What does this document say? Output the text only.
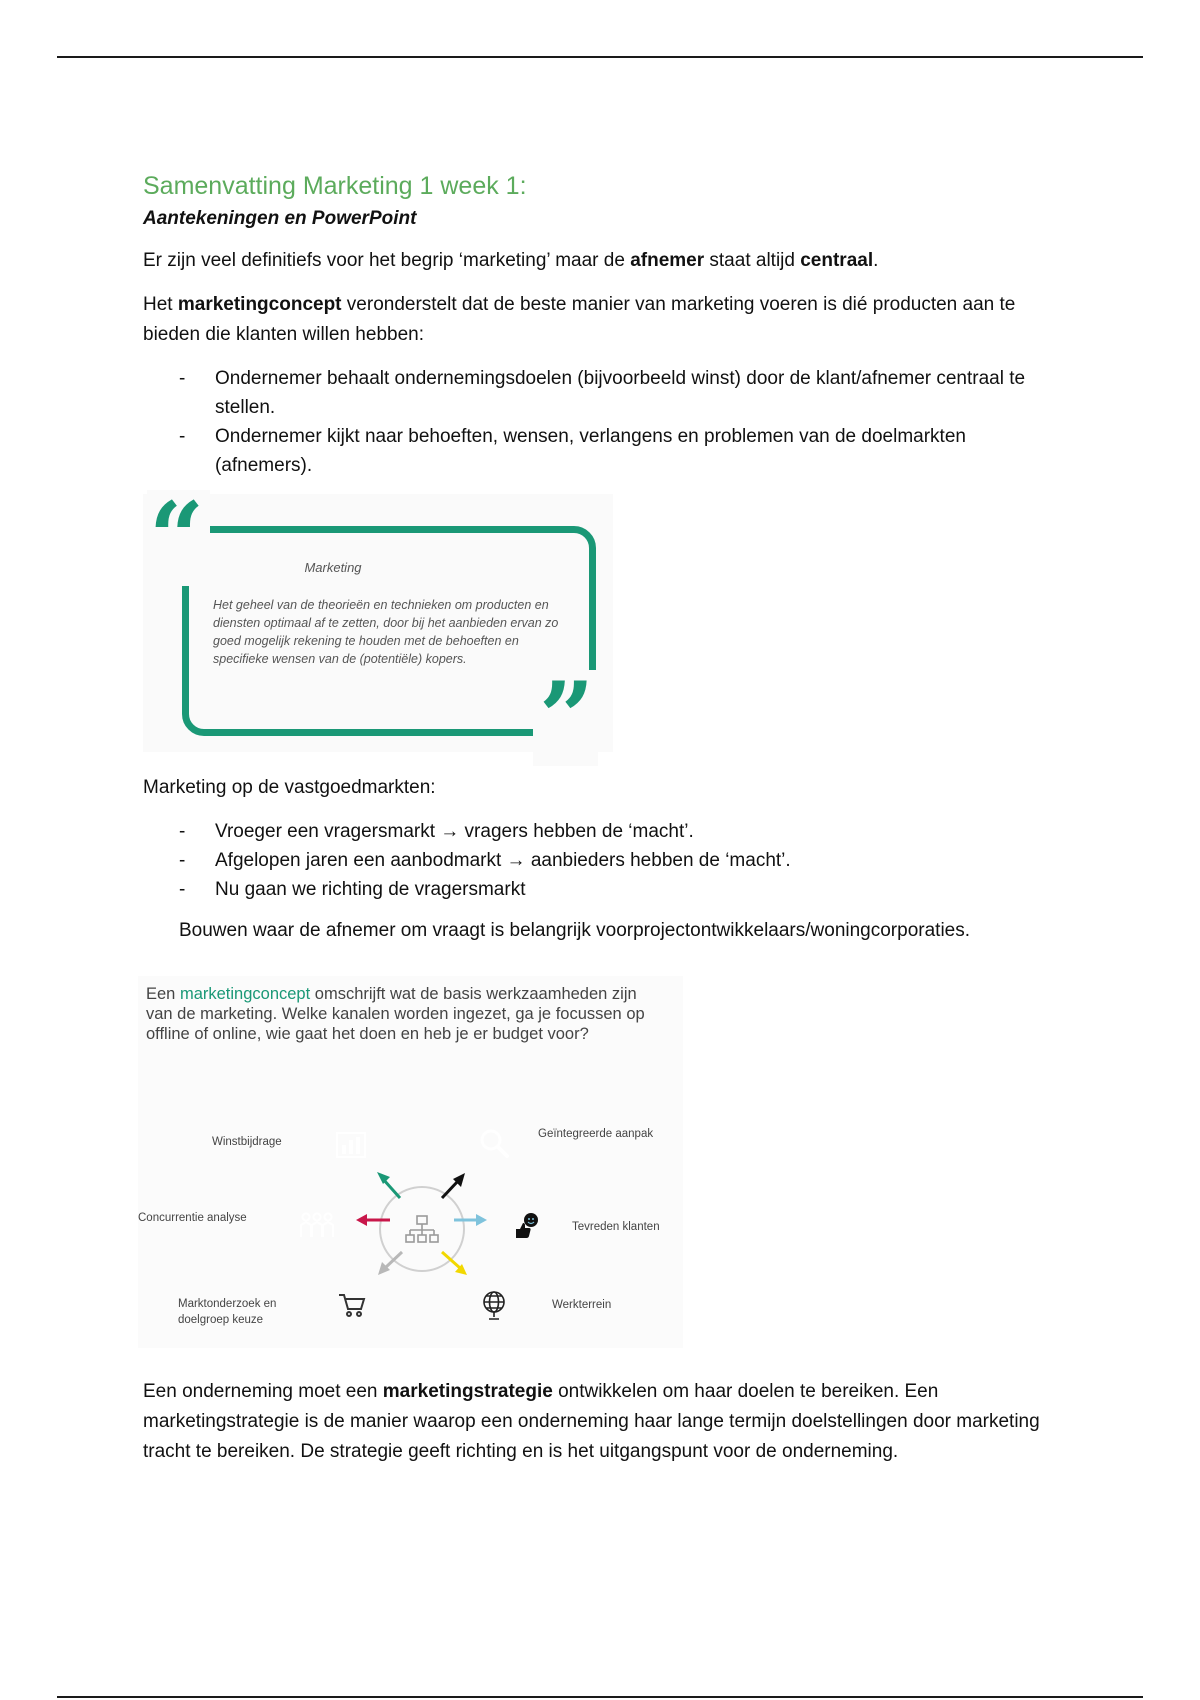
Samenvatting Marketing 1 week 1:
Aantekeningen en PowerPoint

Er zijn veel definitiefs voor het begrip ‘marketing’ maar de afnemer staat altijd centraal.

Het marketingconcept veronderstelt dat de beste manier van marketing voeren is dié producten aan te bieden die klanten willen hebben:

- Ondernemer behaalt ondernemingsdoelen (bijvoorbeeld winst) door de klant/afnemer centraal te stellen.
- Ondernemer kijkt naar behoeften, wensen, verlangens en problemen van de doelmarkten (afnemers).
“
”
Marketing
Het geheel van de theorieën en technieken om producten en diensten optimaal af te zetten, door bij het aanbieden ervan zo goed mogelijk rekening te houden met de behoeften en specifieke wensen van de (potentiële) kopers.

Marketing op de vastgoedmarkten:

- Vroeger een vragersmarkt → vragers hebben de ‘macht’.
- Afgelopen jaren een aanbodmarkt → aanbieders hebben de ‘macht’.
- Nu gaan we richting de vragersmarkt

Bouwen waar de afnemer om vraagt is belangrijk voorprojectontwikkelaars/woningcorporaties.

Een marketingconcept omschrijft wat de basis werkzaamheden zijn van de marketing. Welke kanalen worden ingezet, ga je focussen op offline of online, wie gaat het doen en heb je er budget voor?
Winstbijdrage
Geïntegreerde aanpak
Concurrentie analyse
Tevreden klanten
Marktonderzoek en doelgroep keuze
Werkterrein

Een onderneming moet een marketingstrategie ontwikkelen om haar doelen te bereiken. Een marketingstrategie is de manier waarop een onderneming haar lange termijn doelstellingen door marketing tracht te bereiken. De strategie geeft richting en is het uitgangspunt voor de onderneming.
